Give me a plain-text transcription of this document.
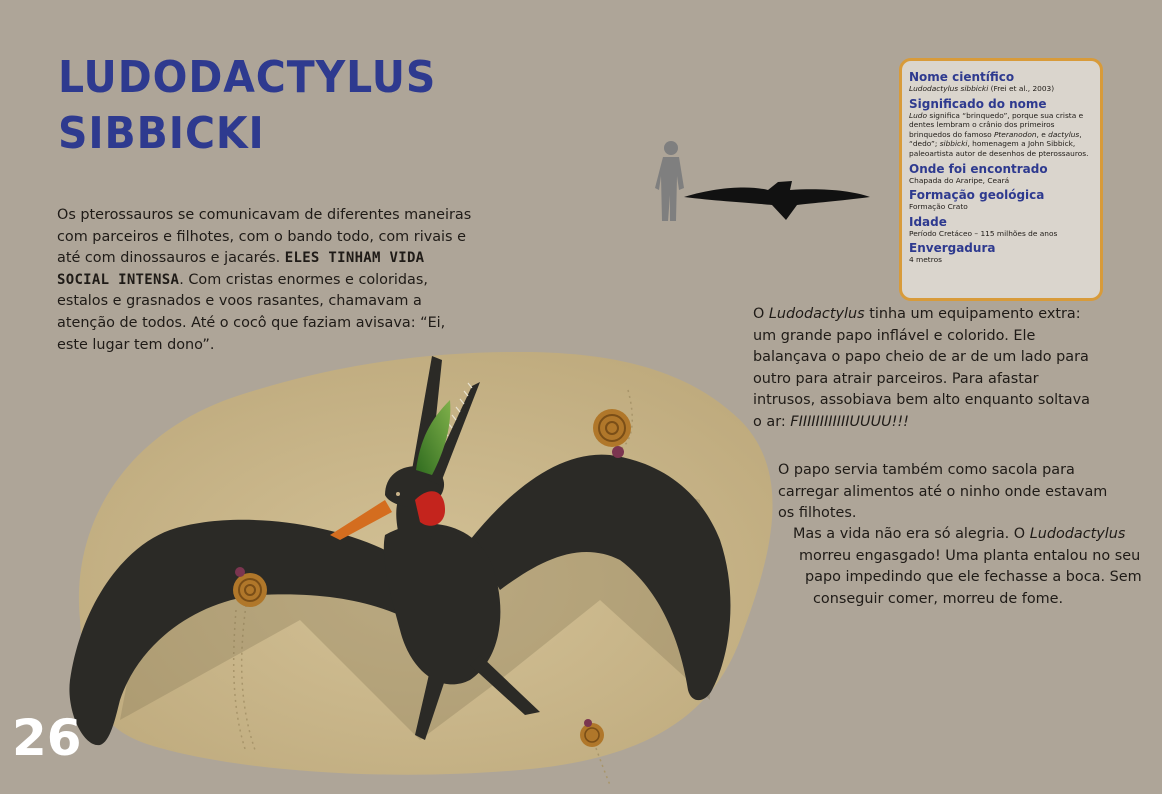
LUDODACTYLUS
SIBBICKI
Os pterossauros se comunicavam de diferentes maneiras com parceiros e filhotes, com o bando todo, com rivais e até com dinossauros e jacarés. ELES TINHAM VIDA SOCIAL INTENSA. Com cristas enormes e coloridas, estalos e grasnados e voos rasantes, chamavam a atenção de todos. Até o cocô que faziam avisava: “Ei, este lugar tem dono”.
Nome científico
Ludodactylus sibbicki (Frei et al., 2003)
Significado do nome
Ludo significa “brinquedo”, porque sua crista e dentes lembram o crânio dos primeiros brinquedos do famoso Pteranodon, e dactylus, “dedo”; sibbicki, homenagem a John Sibbick, paleoartista autor de desenhos de pterossauros.
Onde foi encontrado
Chapada do Araripe, Ceará
Formação geológica
Formação Crato
Idade
Período Cretáceo – 115 milhões de anos
Envergadura
4 metros
O Ludodactylus tinha um equipamento extra: um grande papo inflável e colorido. Ele balançava o papo cheio de ar de um lado para outro para atrair parceiros. Para afastar intrusos, assobiava bem alto enquanto soltava o ar: FIIIIIIIIIIIIUUUU!!!
O papo servia também como sacola para carregar alimentos até o ninho onde estavam os filhotes.
Mas a vida não era só alegria. O Ludodactylus
morreu engasgado! Uma planta entalou no seu
papo impedindo que ele fechasse a boca. Sem
conseguir comer, morreu de fome.
26
